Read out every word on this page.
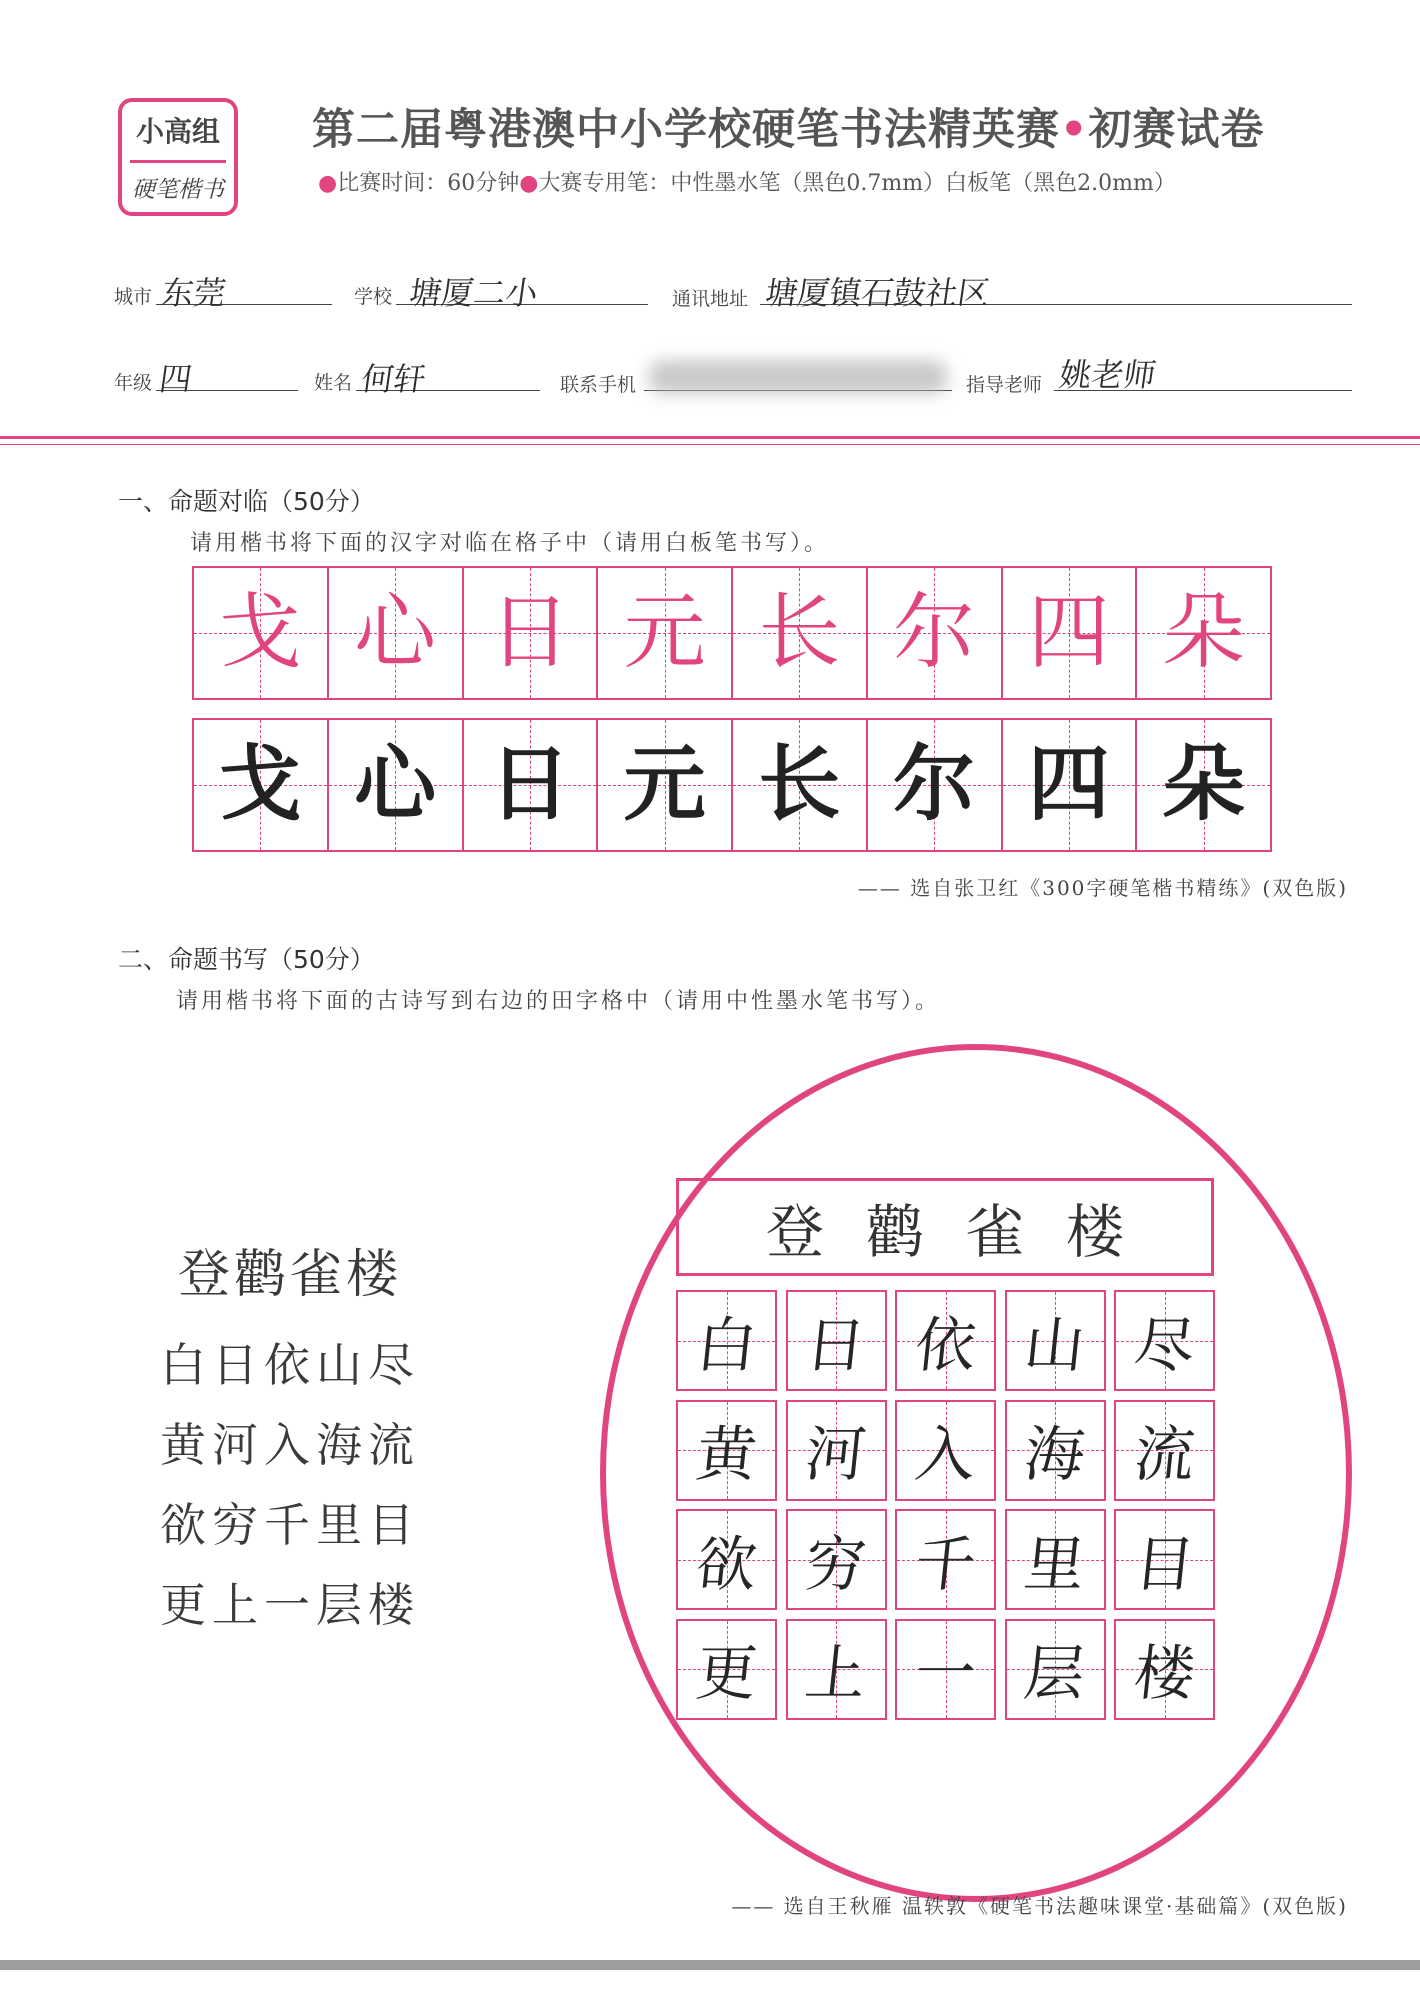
小高组
硬笔楷书
第二届粤港澳中小学校硬笔书法精英赛•初赛试卷
●比赛时间：60分钟●大赛专用笔：中性墨水笔（黑色0.7mm）白板笔（黑色2.0mm）
城市 东莞	学校 塘厦二小	通讯地址 塘厦镇石鼓社区
年级 四	姓名 何轩	联系手机	指导老师 姚老师
一、命题对临（50分）
请用楷书将下面的汉字对临在格子中（请用白板笔书写）。
戈 心 日 元 长 尔 四 朵
戈 心 日 元 长 尔 四 朵
—— 选自张卫红《300字硬笔楷书精练》(双色版)
二、命题书写（50分）
请用楷书将下面的古诗写到右边的田字格中（请用中性墨水笔书写）。
登鹳雀楼
白日依山尽
黄河入海流
欲穷千里目
更上一层楼
登 鹳 雀 楼
白 日 依 山 尽
黄 河 入 海 流
欲 穷 千 里 目
更 上 一 层 楼
—— 选自王秋雁 温轶敦《硬笔书法趣味课堂·基础篇》(双色版)
